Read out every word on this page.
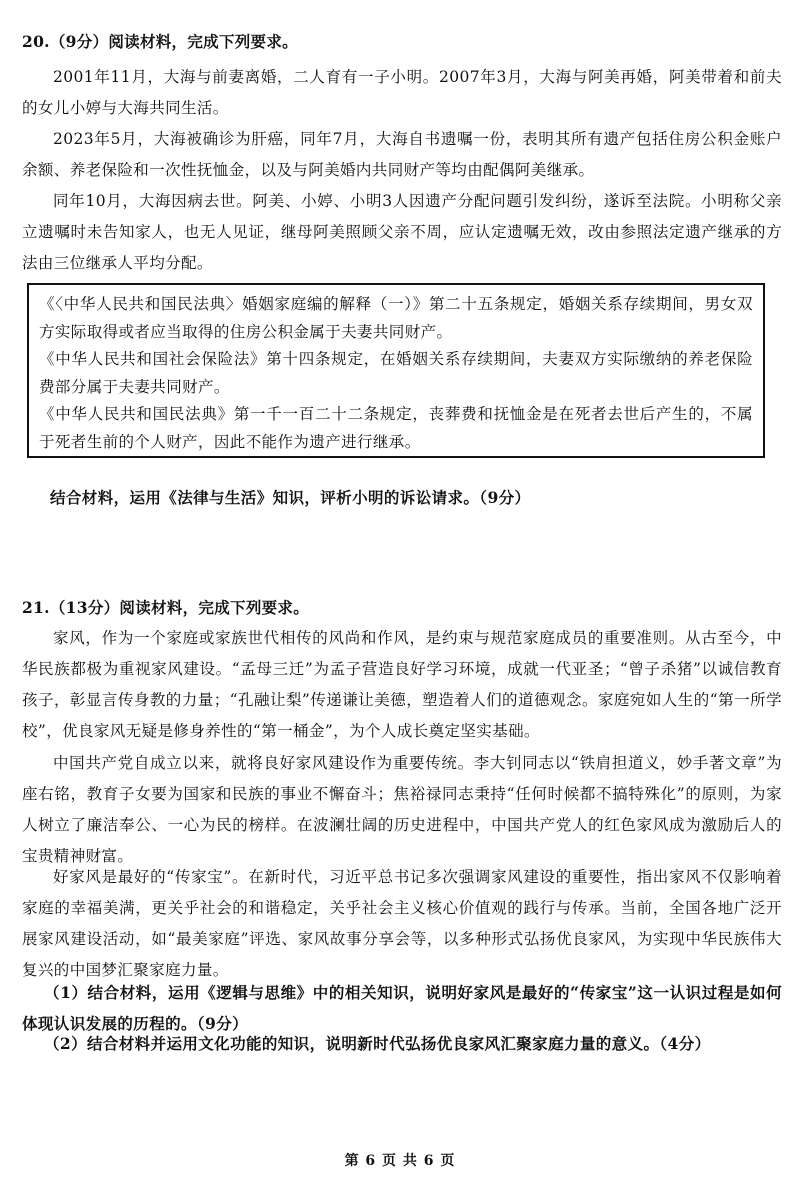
20.（9分）阅读材料，完成下列要求。

2001年11月，大海与前妻离婚，二人育有一子小明。2007年3月，大海与阿美再婚，阿美带着和前夫的女儿小婷与大海共同生活。

2023年5月，大海被确诊为肝癌，同年7月，大海自书遗嘱一份，表明其所有遗产包括住房公积金账户余额、养老保险和一次性抚恤金，以及与阿美婚内共同财产等均由配偶阿美继承。

同年10月，大海因病去世。阿美、小婷、小明3人因遗产分配问题引发纠纷，遂诉至法院。小明称父亲立遗嘱时未告知家人，也无人见证，继母阿美照顾父亲不周，应认定遗嘱无效，改由参照法定遗产继承的方法由三位继承人平均分配。

《〈中华人民共和国民法典〉婚姻家庭编的解释（一）》第二十五条规定，婚姻关系存续期间，男女双方实际取得或者应当取得的住房公积金属于夫妻共同财产。

《中华人民共和国社会保险法》第十四条规定，在婚姻关系存续期间，夫妻双方实际缴纳的养老保险费部分属于夫妻共同财产。

《中华人民共和国民法典》第一千一百二十二条规定，丧葬费和抚恤金是在死者去世后产生的，不属于死者生前的个人财产，因此不能作为遗产进行继承。

结合材料，运用《法律与生活》知识，评析小明的诉讼请求。（9分）
21.（13分）阅读材料，完成下列要求。

家风，作为一个家庭或家族世代相传的风尚和作风，是约束与规范家庭成员的重要准则。从古至今，中华民族都极为重视家风建设。“孟母三迁”为孟子营造良好学习环境，成就一代亚圣；“曾子杀猪”以诚信教育孩子，彰显言传身教的力量；“孔融让梨”传递谦让美德，塑造着人们的道德观念。家庭宛如人生的“第一所学校”，优良家风无疑是修身养性的“第一桶金”，为个人成长奠定坚实基础。

中国共产党自成立以来，就将良好家风建设作为重要传统。李大钊同志以“铁肩担道义，妙手著文章”为座右铭，教育子女要为国家和民族的事业不懈奋斗；焦裕禄同志秉持“任何时候都不搞特殊化”的原则，为家人树立了廉洁奉公、一心为民的榜样。在波澜壮阔的历史进程中，中国共产党人的红色家风成为激励后人的宝贵精神财富。

好家风是最好的“传家宝”。在新时代，习近平总书记多次强调家风建设的重要性，指出家风不仅影响着家庭的幸福美满，更关乎社会的和谐稳定，关乎社会主义核心价值观的践行与传承。当前，全国各地广泛开展家风建设活动，如“最美家庭”评选、家风故事分享会等，以多种形式弘扬优良家风，为实现中华民族伟大复兴的中国梦汇聚家庭力量。

（1）结合材料，运用《逻辑与思维》中的相关知识，说明好家风是最好的“传家宝”这一认识过程是如何体现认识发展的历程的。（9分）

（2）结合材料并运用文化功能的知识，说明新时代弘扬优良家风汇聚家庭力量的意义。（4分）

第 6 页 共 6 页
